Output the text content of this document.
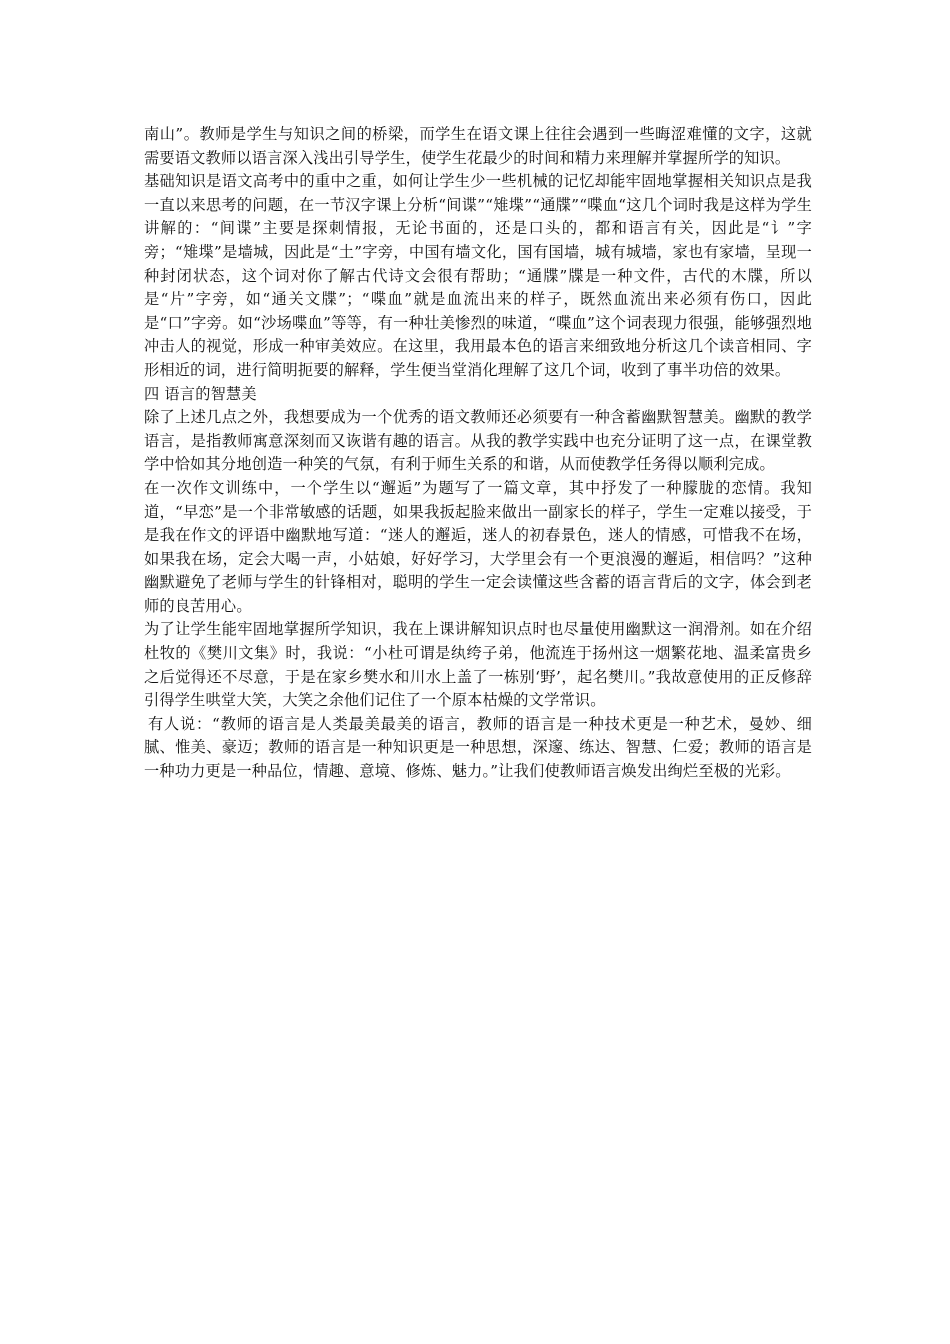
南山”。教师是学生与知识之间的桥梁，而学生在语文课上往往会遇到一些晦涩难懂的文字，这就需要语文教师以语言深入浅出引导学生，使学生花最少的时间和精力来理解并掌握所学的知识。

基础知识是语文高考中的重中之重，如何让学生少一些机械的记忆却能牢固地掌握相关知识点是我一直以来思考的问题，在一节汉字课上分析“间谍”“雉堞”“通牒”“喋血“这几个词时我是这样为学生讲解的：“间谍”主要是探刺情报，无论书面的，还是口头的，都和语言有关，因此是“讠”字旁；“雉堞”是墙城，因此是“土”字旁，中国有墙文化，国有国墙，城有城墙，家也有家墙，呈现一种封闭状态，这个词对你了解古代诗文会很有帮助；“通牒”牒是一种文件，古代的木牒，所以是“片”字旁，如“通关文牒”；“喋血”就是血流出来的样子，既然血流出来必须有伤口，因此是“口”字旁。如“沙场喋血”等等，有一种壮美惨烈的味道，“喋血”这个词表现力很强，能够强烈地冲击人的视觉，形成一种审美效应。在这里，我用最本色的语言来细致地分析这几个读音相同、字形相近的词，进行简明扼要的解释，学生便当堂消化理解了这几个词，收到了事半功倍的效果。

四 语言的智慧美

除了上述几点之外，我想要成为一个优秀的语文教师还必须要有一种含蓄幽默智慧美。幽默的教学语言，是指教师寓意深刻而又诙谐有趣的语言。从我的教学实践中也充分证明了这一点，在课堂教学中恰如其分地创造一种笑的气氛，有利于师生关系的和谐，从而使教学任务得以顺利完成。

在一次作文训练中，一个学生以“邂逅”为题写了一篇文章，其中抒发了一种朦胧的恋情。我知道，“早恋”是一个非常敏感的话题，如果我扳起脸来做出一副家长的样子，学生一定难以接受，于是我在作文的评语中幽默地写道：“迷人的邂逅，迷人的初春景色，迷人的情感，可惜我不在场，如果我在场，定会大喝一声，小姑娘，好好学习，大学里会有一个更浪漫的邂逅，相信吗？”这种幽默避免了老师与学生的针锋相对，聪明的学生一定会读懂这些含蓄的语言背后的文字，体会到老师的良苦用心。

为了让学生能牢固地掌握所学知识，我在上课讲解知识点时也尽量使用幽默这一润滑剂。如在介绍杜牧的《樊川文集》时，我说：“小杜可谓是纨绔子弟，他流连于扬州这一烟繁花地、温柔富贵乡之后觉得还不尽意，于是在家乡樊水和川水上盖了一栋别‘野’，起名樊川。”我故意使用的正反修辞引得学生哄堂大笑，大笑之余他们记住了一个原本枯燥的文学常识。

有人说：“教师的语言是人类最美最美的语言，教师的语言是一种技术更是一种艺术，曼妙、细腻、惟美、豪迈；教师的语言是一种知识更是一种思想，深邃、练达、智慧、仁爱；教师的语言是一种功力更是一种品位，情趣、意境、修炼、魅力。”让我们使教师语言焕发出绚烂至极的光彩。
